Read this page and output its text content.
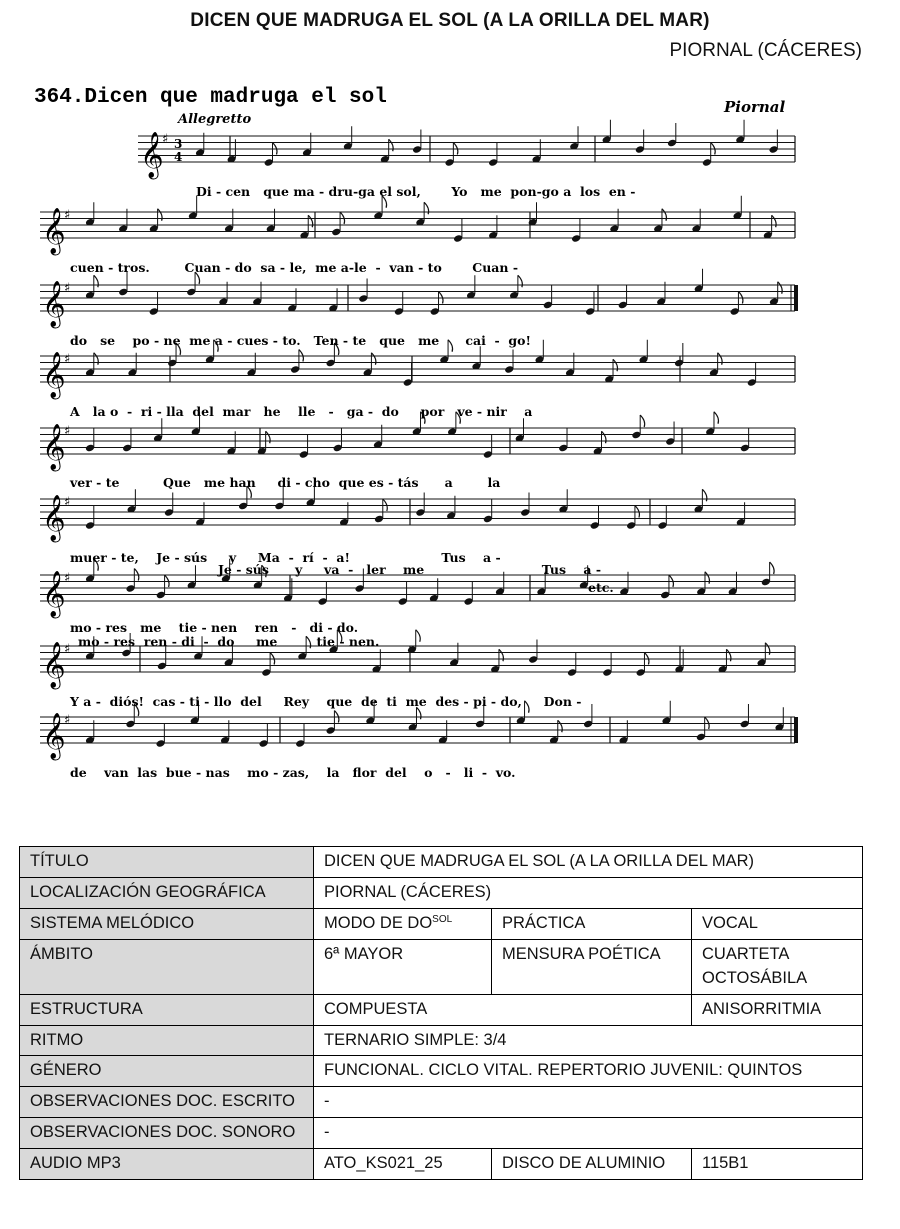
DICEN QUE MADRUGA EL SOL (A LA ORILLA DEL MAR)
PIORNAL (CÁCERES)
364.Dicen que madruga el sol
Allegretto
Piornal
𝄞
♯ 3
4
𝄞
♯
𝄞
♯
𝄞
♯
𝄞
♯
𝄞
♯
𝄞
♯
𝄞
♯
𝄞
♯
Di - cen   que ma - dru-ga el sol,       Yo   me  pon-go a  los  en -
cuen - tros.        Cuan - do  sa - le,  me a-le  -  van - to       Cuan -
do   se    po - ne  me a - cues - to.   Ten - te   que   me      cai  -  go!
A   la o  -  ri - lla  del  mar   he    lle   -   ga -  do     por   ve - nir    a
ver - te          Que   me han     di - cho  que es - tás      a        la
muer - te,    Je - sús     y     Ma  -  rí  -  a!                     Tus    a -
mo - res   me    tie - nen    ren   -   di - do.
Y a -  diós!  cas - ti - llo  del     Rey    que  de  ti  me  des - pi - do,     Don -
de    van  las  bue - nas    mo - zas,    la   flor  del    o   -   li  -  vo.
Je - sús      y     va  -   ler    me                           Tus    a -
mo - res  ren - di  -  do     me         tie - nen.
etc.
TÍTULO	DICEN QUE MADRUGA EL SOL (A LA ORILLA DEL MAR)		
LOCALIZACIÓN GEOGRÁFICA	PIORNAL (CÁCERES)		
SISTEMA MELÓDICO	MODO DE $DO^{SOL}$	PRÁCTICA	VOCAL
ÁMBITO	6ª MAYOR	MENSURA POÉTICA	CUARTETA OCTOSÁBILA
ESTRUCTURA	COMPUESTA		ANISORRITMIA
RITMO	TERNARIO SIMPLE: 3/4		
GÉNERO	FUNCIONAL. CICLO VITAL. REPERTORIO JUVENIL: QUINTOS		
OBSERVACIONES DOC. ESCRITO	-		
OBSERVACIONES DOC. SONORO	-		
AUDIO MP3	ATO_KS021_25	DISCO DE ALUMINIO	115B1
